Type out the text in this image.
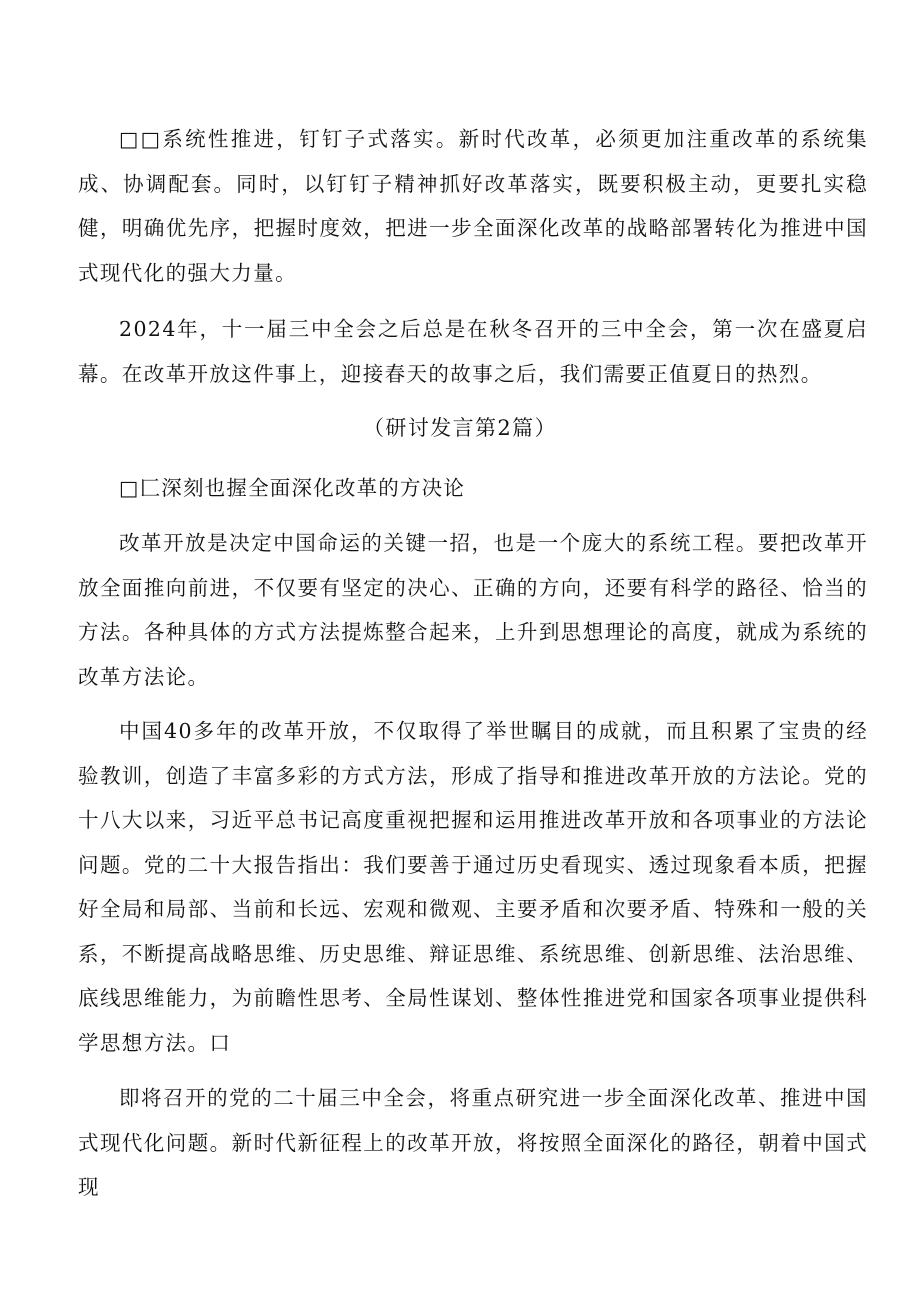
□□系统性推进，钉钉子式落实。新时代改革，必须更加注重改革的系统集成、协调配套。同时，以钉钉子精神抓好改革落实，既要积极主动，更要扎实稳健，明确优先序，把握时度效，把进一步全面深化改革的战略部署转化为推进中国式现代化的强大力量。

2024年，十一届三中全会之后总是在秋冬召开的三中全会，第一次在盛夏启幕。在改革开放这件事上，迎接春天的故事之后，我们需要正值夏日的热烈。

（研讨发言第2篇）

□匚深刻也握全面深化改革的方决论

改革开放是决定中国命运的关键一招，也是一个庞大的系统工程。要把改革开放全面推向前进，不仅要有坚定的决心、正确的方向，还要有科学的路径、恰当的方法。各种具体的方式方法提炼整合起来，上升到思想理论的高度，就成为系统的改革方法论。

中国40多年的改革开放，不仅取得了举世瞩目的成就，而且积累了宝贵的经验教训，创造了丰富多彩的方式方法，形成了指导和推进改革开放的方法论。党的十八大以来，习近平总书记高度重视把握和运用推进改革开放和各项事业的方法论问题。党的二十大报告指出：我们要善于通过历史看现实、透过现象看本质，把握好全局和局部、当前和长远、宏观和微观、主要矛盾和次要矛盾、特殊和一般的关系，不断提高战略思维、历史思维、辩证思维、系统思维、创新思维、法治思维、底线思维能力，为前瞻性思考、全局性谋划、整体性推进党和国家各项事业提供科学思想方法。口

即将召开的党的二十届三中全会，将重点研究进一步全面深化改革、推进中国式现代化问题。新时代新征程上的改革开放，将按照全面深化的路径，朝着中国式现
